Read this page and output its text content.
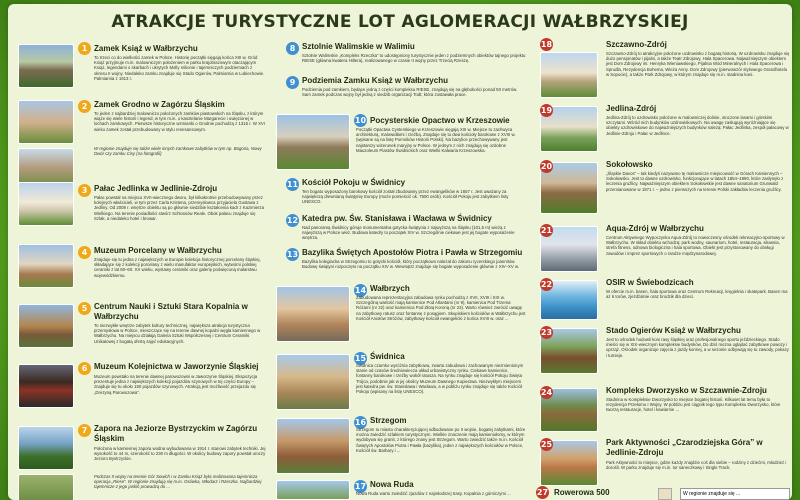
ATRAKCJE TURYSTYCZNE LOT AGLOMERACJI WAŁBRZYSKIEJ
1 Zamek Książ w Wałbrzychu
To trzeci co do wielkości zamek w Polsce. Historię początki sięgają końca XIII w. Gród Książ przyjmuje m.in. malowniczym położeniem w parku krajobrazowym otaczającym Książ, legendami o skarbach i ukrytych Molly milionie i tajemniczych podziemiach z okresu II wojny. Niedaleko zamku znajduje się Stado Ogierów, Palmiarnia w Lubiechowie. Palmiarnia z 1913 r.
2 Zamek Grodno w Zagórzu Śląskim
To jeden z najbardziej malowniczo położonych zamków piastowskich na Śląsku, z którym wiąże się wiele historii i legend, w tym m.in. o kasztelanie Margarecie i uwięzionej w lochach zamkowych. Pierwsze historyczne wzmianki o Grodnie pochodzą z 1315 r. W XVI wieku zamek został przebudowany w stylu renesansowym.
W regionie znajduje się także wiele innych zamkowe zabytków w tym np. Bogoria, Nowy Dwór czy zamku Cisy (na fotografii)
3 Pałac Jedlinka w Jedlinie-Zdroju
Pałac powstał na miejscu XVII-wiecznego dworu, był kilkakrotnie przebudowywany przez kolejnych właścicieli, w tym przez Carla Kristena, przemysłowca przyjaciela Gustawa z Jedliny. Od 2008 r. wnętrze obiektu są po głównie siedzibie kształcenia kadr z Kazimierza Wielkiego. Na terenie posiadłości stwórz Schlossów Reale. Obok pałacu znajduje się Szlak, a niedaleko hotel i browar.
4 Muzeum Porcelany w Wałbrzychu
Znajduje się tu jedna z największych w Europie kolekcja historycznej porcelany śląskiej, składające się z kolekcji porcelany z wielu manufaktur europejskich, wytwórni polskiej ceramiki z lat 50–60. XX wieku, wystawy ceramiki oraz galerię poświęconą malarstwu wojewódzkiemu.
5 Centrum Nauki i Sztuki Stara Kopalnia w Wałbrzychu
To niezwykłe wnętrze zabytek kultury technicznej, największa atrakcja turystyczna przemysłowa w Polsce, mieszczące się na terenie dawnej kopalni węgla kamiennego w Wałbrzychu. Na miejscu działają Galeria Sztuki Współczesnej i Centrum Ceramiki Unikatowej z bogatą ofertą zajęć edukacyjnych.
6 Muzeum Kolejnictwa w Jaworzynie Śląskiej
Muzeum powstało na terenie dawnej parowozowni w Jaworzynie Śląskiej. Ekspozycja prezentuje jedna z największych kolekcji pojazdów szynowych w tej części Europy – znajduje się tu około 150 pojazdów szynowych. Atrakcją jest możliwość przejazdu się „Drezyną Parowozowa”.
7 Zapora na Jeziorze Bystrzyckim w Zagórzu Śląskim
Położona w kamiennej zapora wodna wybudowana w 1914 r. stanowi zabytek techniki. Jej wysokość to 44 m, szerokość to 230 m długości. W okolicy budowy zapory powstał uroczy Jezioro Bystrzyckie.
Podczas II wojny na terenie Gór Sowich i w Zamku Książ była realizowana tajemnicza operacja „Riese”. W regionie znajdują się m.in. Osówka, Włodarz i Rzeczka. Najbardziej tajemnicze z jego jaskiń prowadzą do ...
8 Sztolnie Walimskie w Walimiu
Sztolnie Walimskie „Kompleks Rzeczka” to udostępniony turystycznie jeden z podziemnych obiektów tajnego projektu RIESE (główna kwatera Hitlera), realizowanego w czasie II wojny przez Trzecią Rzeszę.
9 Podziemia Zamku Książ w Wałbrzychu
Podziemia pod zamkiem, będące jedną z części kompleksu RIESE, znajdują się na głębokości ponad 50 metrów. Sam zamek podczas wojny był jedną z siedzib organizacji Todt; która zostawała prace.
10 Pocysterskie Opactwo w Krzeszowie
Początki Opactwa Cysterskiego w Krzeszowie sięgają XIII w. Miejsce to zachwyca architekturą, malowidłami i rzeźbą. Znajduje się tu dwa kościoły barokowe z XVIII w. (wpisane są na listę Pomników Historii Polski). Na bazylice przechowywany jest najstarszy wizerunek maryjny w Polsce. W jednym z nich znajdują się ozdobne Mauzoleum Piastów Świdnickich oraz Wielki Kalwaria Krzeszowska.
11 Kościół Pokoju w Świdnicy
Ten bogato wyposażony barokowy kościół został zbudowany przez ewangelików w 1657 r. Jest uważany za największą drewnianą świątynię Europy (może pomieścić ok. 7500 osób). Kościół Pokoju jest zabytkiem listy UNESCO.
12 Katedra pw. Św. Stanisława i Wacława w Świdnicy
Nad panoramą Świdnicy góruje monumentalna gotycka świątynia z najwyższą na Śląsku (101,5 m) wieżą z najwyższą w Polsce wież. Budowa katedry to początek XIV w. Szczególnie ciekawe jest jej bogate wyposażenie wnętrza.
13 Bazylika Świętych Apostołów Piotra i Pawła w Strzegomiu
Bazylika kolegiacka w Strzegomiu to gotycki kościół, który początkowo należał do zakonu rycerskiego joannitów. Budowę świątyni rozpoczęto na początku XIV w. Wewnątrz znajduje się bogate wyposażenie głównie z XIV–XV w.
14 Wałbrzych
Zabudowana reprezentacyjna zabudowa rynku pochodzą z XVII, XVIII i XIX w. Szczególną wartość mają kamienice Pod Atlantami (nr 9), kamienica Pod Trzema Różami (nr 22) oraz kamienica Pod Złotą Koroną (nr 23). Warto również zwrócić uwagę na zabytkowy ratusz oraz fontannę z posągiem. Skupiskiem kościołów w Wałbrzychu jest Kościół Aniołów Stróżów, zabytkowy kościół ewangelicki z końca XVIII w. oraz ...
15 Świdnica
Świdnica czarnko wyróżnia zabytkowa, zwarta zabudowa i zachowanym niezmienionym stanie od czasów średniowiecza układ urbanistyczny rynku. Ciekawe kamienice, fontanny barokowe i rzeźby wokół ratusza. Na rynku znajduje się kościół Pokoju Święta Trójca, podobnie jak w jej okolicy Muzeum Dawnego Kupiectwa. Niezwykłym miejscem jest katedra pw. św. Stanisława i Wacława, a w pobliżu rynku znajduje się także Kościół Pokoju (wpisany na listę UNESCO).
16 Strzegom
Strzegom to miasto charakteryzującej odbudowane po II wojnie, bogatej zabytkami, które można zwiedzić szlakiem turystycznym. Wielkie znaczenie mają kamieniołomy, w którym wydobywa się granit, z którego znany jest Strzegom. Warto zwiedzić także m.in. Kościół Świętych Apostołów Piotra i Pawła (bazylika), jeden z największych kościołów w Polsce, Kościół św. Barbary i ...
17 Nowa Ruda
Nowa Ruda warto zwiedzić zjazdów z najmłodszej trasy. Kopalnia z górniczymi ...
18	Szczawno-Zdrój
Szczawno-Zdrój to atrakcyjne położone uzdrowisko z bogatą historią. W uzdrowisku znajduje się dużo pensjonatów i pijalni, a także Teatr Zdrojowy, Hala Spacerowa. Najważniejszym obiektem jest Dom Zdrojowy im. Henryka Wieniawskiego, Pijalnia Wód Mineralnych i Hala Spacerowa i Sprudla, Rezydencja Bohema, Wieża Anny. Dom Zdrojowy (pierwowzór stylowego Grandhotelu w Sopocie), a także Park Zdrojowy, w którym znajduje się m.in. stadnina koni.
19	Jedlina-Zdrój
Jedlina-Zdrój to uzdrowisko położone w malowniczej dolinie, otoczone lasami i górskimi szczytami. Wśród nich budynków uzdrowiskowych. Na uwagę zasługują wyróżniające się obiekty uzdrowiskowe do najważniejszych budynków należą: Pałac Jedlinka, zespół pałacowy w Jedlinie-Zdroju i Pałac w Jedlince.
20	Sokołowsko
„Śląskie Davos” – tak kiedyś nazywano tę malownicze miejscowość w Górach Kamiennych – Sokołowsko. Jest to dawne uzdrowisko, funkcjonujące w latach 1854–1990, które zasłynęło z leczenia gruźlicy. Najważniejszym obiektem Sokołowskie jest dawne sanatorium Grunwald przemianowane w 1871 r. – jedno z pierwszych na terenie Polski zakładów leczenia gruźlicy.
21	Aqua-Zdrój w Wałbrzychu
Centrum Aktywnego Wypoczynku Aqua-Zdrój to nowoczesny ośrodek rekreacyjno-sportowy w Wałbrzychu. W skład obiektu wchodzą: park wodny, saunarium, hotel, restauracja, siłownia, strefa fitness, odnowa biologiczna i hala sportowa. Obiekt jest przystosowany do obsługi zawodów i imprez sportowych o randze międzynarodowej.
22	OSIR w Świebodzicach
W ofercie m.in. basen, hala sportowa oraz Centrum Rekreacji, kręgielnia i skatepark. Basen ma aż 6 torów, zjeżdżalnie oraz brodzik dla dzieci.
23	Stado Ogierów Książ w Wałbrzychu
Jest to ośrodek hodowli koni rasy śląskiej oraz profesjonalnego sportu jeździeckiego. Stado mieści się w XIX-wiecznym kompleksie budynków, Do dziś można oglądać zabytkowe powozy i uprząż. Ośrodek organizuje zajęcia z jazdy konnej, a w sezonie odbywają się tu zawody, pokazy i turnieje.
24	Kompleks Dworzysko w Szczawnie-Zdroju
Stadnina w Kompleksie Dworzysko to miejsce bogatej historii. Kilkuset lat temu była to rezydencja Przełomu I Wojny. W pobliżu jest ciągnik tego typu Kompleksu Dworzysko, które tworzą restauracje, hotel i kawiarnie ...
25	Park Aktywności „Czarodziejska Góra” w Jedlinie-Zdroju
Park Aktywności to miejsce, gdzie każdy znajdzie coś dla siebie – rodziny z dziećmi, młodzież i dorośli. W parku znajduje się m.in. tor saneczkowy i Single Track.
27 Rowerowa 500	W regionie znajduje się ...
